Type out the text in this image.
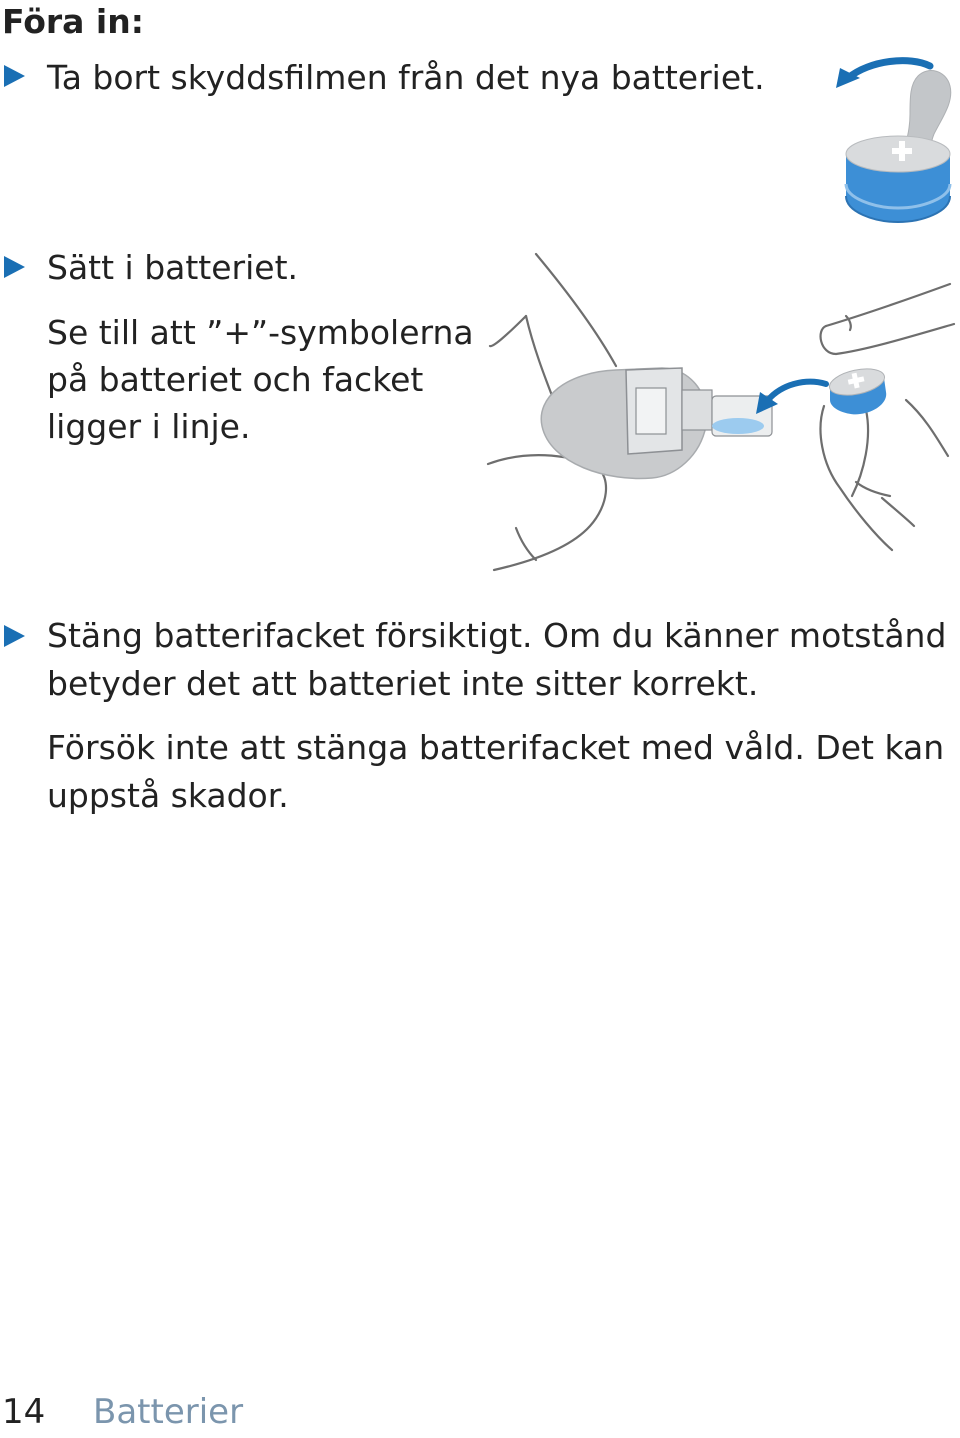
Föra in:

Ta bort skyddsfilmen från det nya batteriet.

Sätt i batteriet.

Se till att ”+”-symbolerna

på batteriet och facket

ligger i linje.

Stäng batterifacket försiktigt. Om du känner motstånd

betyder det att batteriet inte sitter korrekt.

Försök inte att stänga batterifacket med våld. Det kan

uppstå skador.

14 Batterier
